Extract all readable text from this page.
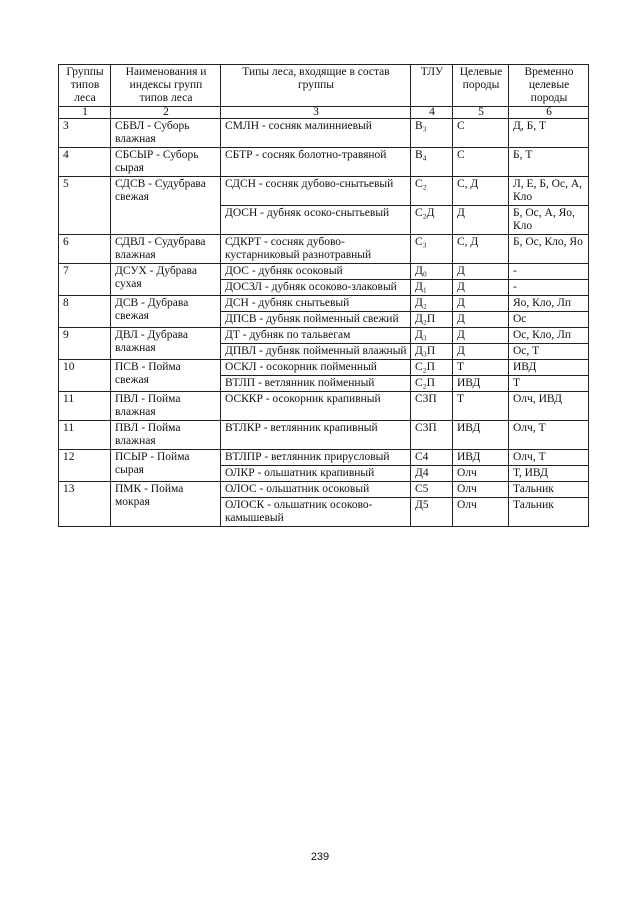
Группы типов леса	Наименования и индексы групп типов леса	Типы леса, входящие в состав группы	ТЛУ	Целевые породы	Временно целевые породы
1	2	3	4	5	6
3	СБВЛ - Суборь влажная	СМЛН - сосняк малинниевый	В₃	С	Д, Б, Т
4	СБСЫР - Суборь сырая	СБТР - сосняк болотно-травяной	В₄	С	Б, Т
5	СДСВ - Судубрава свежая	СДСН - сосняк дубово-снытьевый	С₂	С, Д	Л, Е, Б, Ос, А, Кло
		ДОСН - дубняк осоко-снытьевый	С₂Д	Д	Б, Ос, А, Яо, Кло
6	СДВЛ - Судубрава влажная	СДКРТ - сосняк дубово-кустарниковый разнотравный	С₃	С, Д	Б, Ос, Кло, Яо
7	ДСУХ - Дубрава сухая	ДОС - дубняк осоковый	Д₀	Д	-
		ДОСЗЛ - дубняк осоково-злаковый	Д₁	Д	-
8	ДСВ - Дубрава свежая	ДСН - дубняк снытьевый	Д₂	Д	Яо, Кло, Лп
		ДПСВ - дубняк пойменный свежий	Д₂П	Д	Ос
9	ДВЛ - Дубрава влажная	ДТ - дубняк по тальвегам	Д₃	Д	Ос, Кло, Лп
		ДПВЛ - дубняк пойменный влажный	Д₃П	Д	Ос, Т
10	ПСВ - Пойма свежая	ОСКЛ - осокорник пойменный	С₂П	Т	ИВД
		ВТЛП - ветлянник пойменный	С₂П	ИВД	Т
11	ПВЛ - Пойма влажная	ОСККР - осокорник крапивный	С3П	Т	Олч, ИВД
11	ПВЛ - Пойма влажная	ВТЛКР - ветлянник крапивный	С3П	ИВД	Олч, Т
12	ПСЫР - Пойма сырая	ВТЛПР - ветлянник прирусловый	С4	ИВД	Олч, Т
		ОЛКР - ольшатник крапивный	Д4	Олч	Т, ИВД
13	ПМК - Пойма мокрая	ОЛОС - ольшатник осоковый	С5	Олч	Тальник
		ОЛОСК - ольшатник осоково-камышевый	Д5	Олч	Тальник
239
